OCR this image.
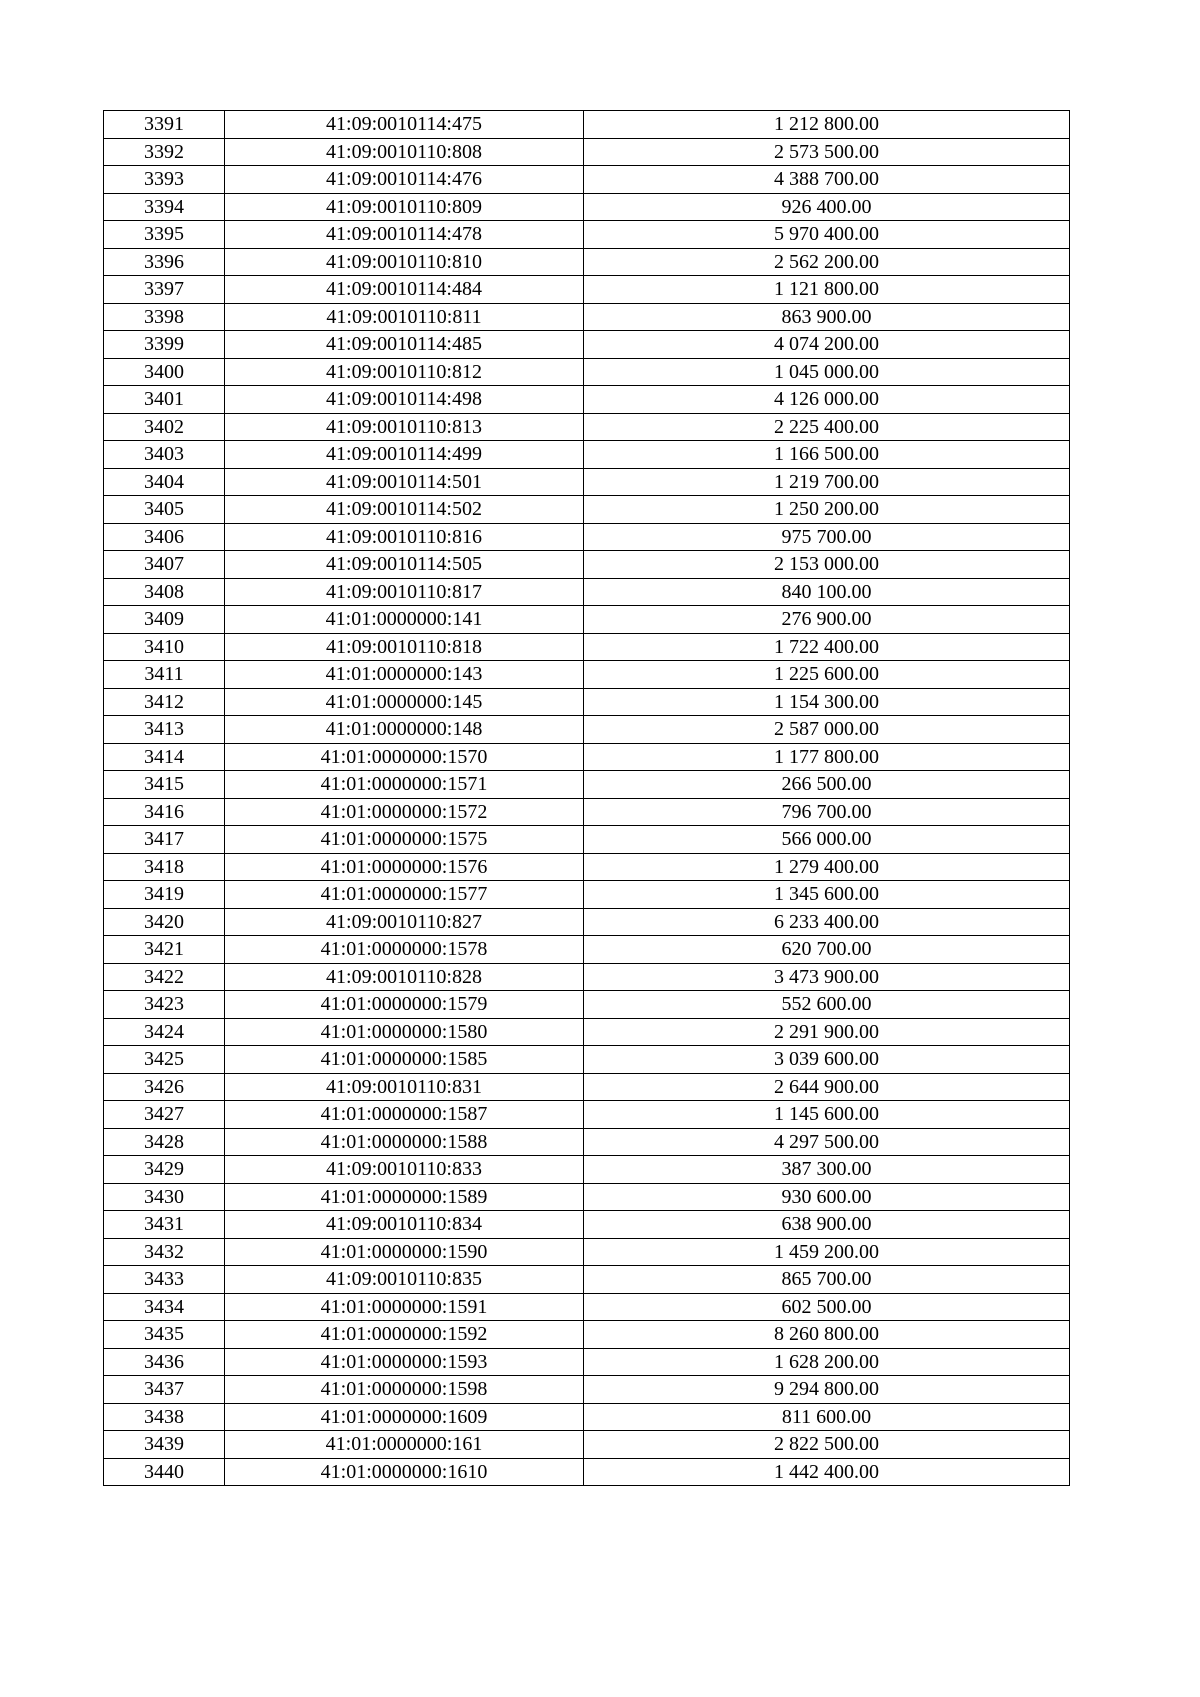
3391	41:09:0010114:475	1 212 800.00
3392	41:09:0010110:808	2 573 500.00
3393	41:09:0010114:476	4 388 700.00
3394	41:09:0010110:809	926 400.00
3395	41:09:0010114:478	5 970 400.00
3396	41:09:0010110:810	2 562 200.00
3397	41:09:0010114:484	1 121 800.00
3398	41:09:0010110:811	863 900.00
3399	41:09:0010114:485	4 074 200.00
3400	41:09:0010110:812	1 045 000.00
3401	41:09:0010114:498	4 126 000.00
3402	41:09:0010110:813	2 225 400.00
3403	41:09:0010114:499	1 166 500.00
3404	41:09:0010114:501	1 219 700.00
3405	41:09:0010114:502	1 250 200.00
3406	41:09:0010110:816	975 700.00
3407	41:09:0010114:505	2 153 000.00
3408	41:09:0010110:817	840 100.00
3409	41:01:0000000:141	276 900.00
3410	41:09:0010110:818	1 722 400.00
3411	41:01:0000000:143	1 225 600.00
3412	41:01:0000000:145	1 154 300.00
3413	41:01:0000000:148	2 587 000.00
3414	41:01:0000000:1570	1 177 800.00
3415	41:01:0000000:1571	266 500.00
3416	41:01:0000000:1572	796 700.00
3417	41:01:0000000:1575	566 000.00
3418	41:01:0000000:1576	1 279 400.00
3419	41:01:0000000:1577	1 345 600.00
3420	41:09:0010110:827	6 233 400.00
3421	41:01:0000000:1578	620 700.00
3422	41:09:0010110:828	3 473 900.00
3423	41:01:0000000:1579	552 600.00
3424	41:01:0000000:1580	2 291 900.00
3425	41:01:0000000:1585	3 039 600.00
3426	41:09:0010110:831	2 644 900.00
3427	41:01:0000000:1587	1 145 600.00
3428	41:01:0000000:1588	4 297 500.00
3429	41:09:0010110:833	387 300.00
3430	41:01:0000000:1589	930 600.00
3431	41:09:0010110:834	638 900.00
3432	41:01:0000000:1590	1 459 200.00
3433	41:09:0010110:835	865 700.00
3434	41:01:0000000:1591	602 500.00
3435	41:01:0000000:1592	8 260 800.00
3436	41:01:0000000:1593	1 628 200.00
3437	41:01:0000000:1598	9 294 800.00
3438	41:01:0000000:1609	811 600.00
3439	41:01:0000000:161	2 822 500.00
3440	41:01:0000000:1610	1 442 400.00
